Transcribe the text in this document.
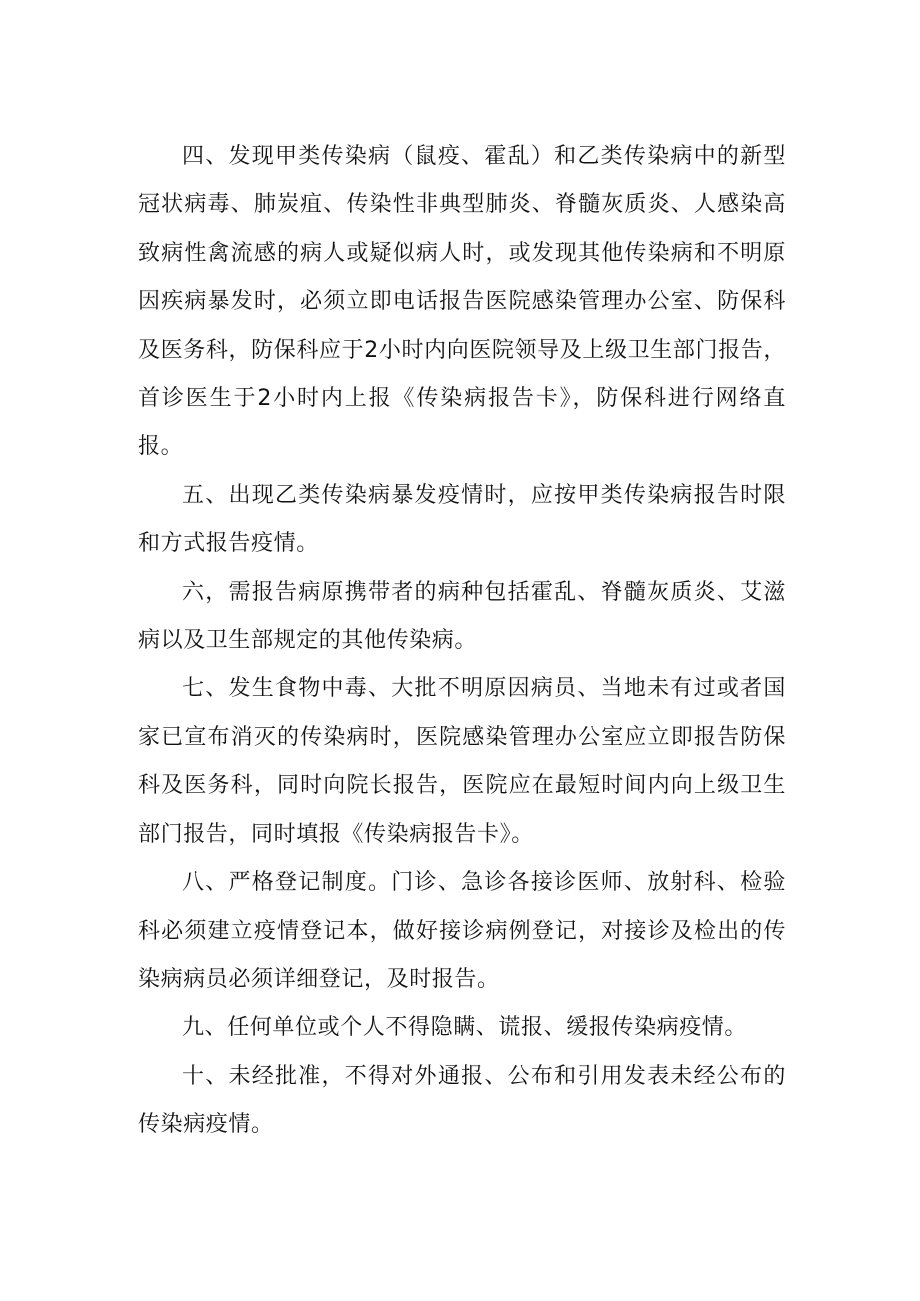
四、发现甲类传染病（鼠疫、霍乱）和乙类传染病中的新型冠状病毒、肺炭疽、传染性非典型肺炎、脊髓灰质炎、人感染高致病性禽流感的病人或疑似病人时，或发现其他传染病和不明原因疾病暴发时，必须立即电话报告医院感染管理办公室、防保科及医务科，防保科应于2小时内向医院领导及上级卫生部门报告，首诊医生于2小时内上报《传染病报告卡》，防保科进行网络直报。

五、出现乙类传染病暴发疫情时，应按甲类传染病报告时限和方式报告疫情。

六，需报告病原携带者的病种包括霍乱、脊髓灰质炎、艾滋病以及卫生部规定的其他传染病。

七、发生食物中毒、大批不明原因病员、当地未有过或者国家已宣布消灭的传染病时，医院感染管理办公室应立即报告防保科及医务科，同时向院长报告，医院应在最短时间内向上级卫生部门报告，同时填报《传染病报告卡》。

八、严格登记制度。门诊、急诊各接诊医师、放射科、检验科必须建立疫情登记本，做好接诊病例登记，对接诊及检出的传染病病员必须详细登记，及时报告。

九、任何单位或个人不得隐瞒、谎报、缓报传染病疫情。

十、未经批准，不得对外通报、公布和引用发表未经公布的传染病疫情。
